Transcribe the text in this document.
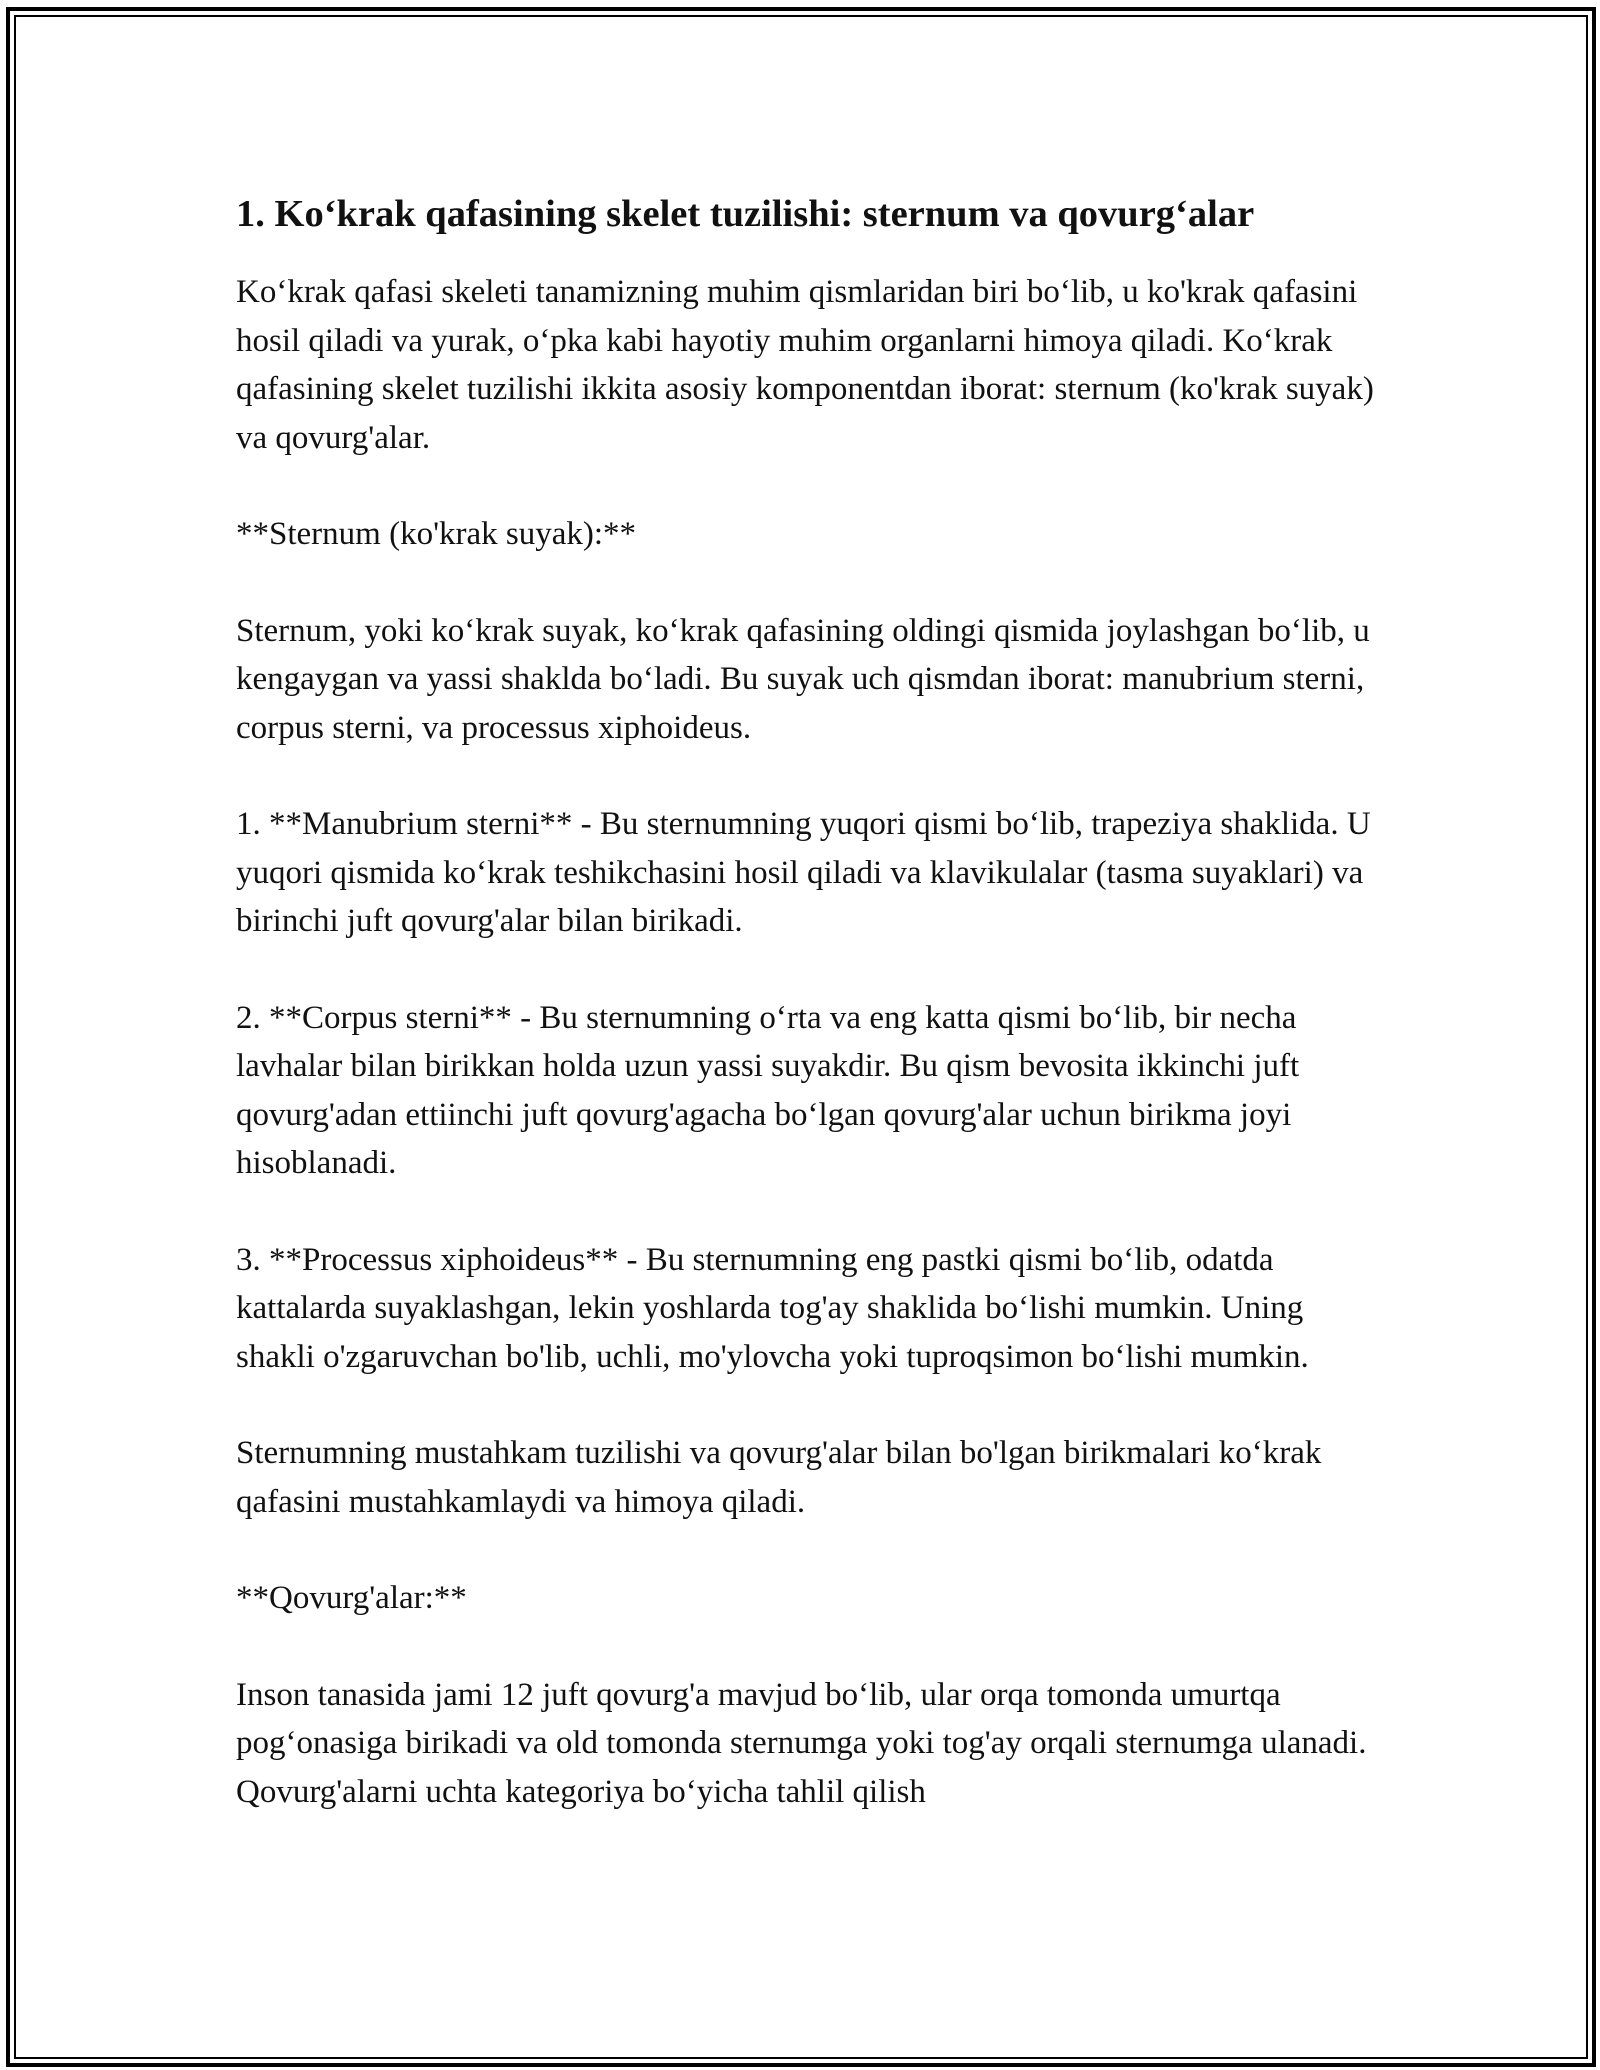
1. Ko‘krak qafasining skelet tuzilishi: sternum va qovurg‘alar

Ko‘krak qafasi skeleti tanamizning muhim qismlaridan biri bo‘lib, u ko'krak qafasini hosil qiladi va yurak, o‘pka kabi hayotiy muhim organlarni himoya qiladi. Ko‘krak qafasining skelet tuzilishi ikkita asosiy komponentdan iborat: sternum (ko'krak suyak) va qovurg'alar.

**Sternum (ko'krak suyak):**

Sternum, yoki ko‘krak suyak, ko‘krak qafasining oldingi qismida joylashgan bo‘lib, u kengaygan va yassi shaklda bo‘ladi. Bu suyak uch qismdan iborat: manubrium sterni, corpus sterni, va processus xiphoideus.

1. **Manubrium sterni** - Bu sternumning yuqori qismi bo‘lib, trapeziya shaklida. U yuqori qismida ko‘krak teshikchasini hosil qiladi va klavikulalar (tasma suyaklari) va birinchi juft qovurg'alar bilan birikadi.

2. **Corpus sterni** - Bu sternumning o‘rta va eng katta qismi bo‘lib, bir necha lavhalar bilan birikkan holda uzun yassi suyakdir. Bu qism bevosita ikkinchi juft qovurg'adan ettiinchi juft qovurg'agacha bo‘lgan qovurg'alar uchun birikma joyi hisoblanadi.

3. **Processus xiphoideus** - Bu sternumning eng pastki qismi bo‘lib, odatda kattalarda suyaklashgan, lekin yoshlarda tog'ay shaklida bo‘lishi mumkin. Uning shakli o'zgaruvchan bo'lib, uchli, mo'ylovcha yoki tuproqsimon bo‘lishi mumkin.

Sternumning mustahkam tuzilishi va qovurg'alar bilan bo'lgan birikmalari ko‘krak qafasini mustahkamlaydi va himoya qiladi.

**Qovurg'alar:**

Inson tanasida jami 12 juft qovurg'a mavjud bo‘lib, ular orqa tomonda umurtqa pog‘onasiga birikadi va old tomonda sternumga yoki tog'ay orqali sternumga ulanadi. Qovurg'alarni uchta kategoriya bo‘yicha tahlil qilish
